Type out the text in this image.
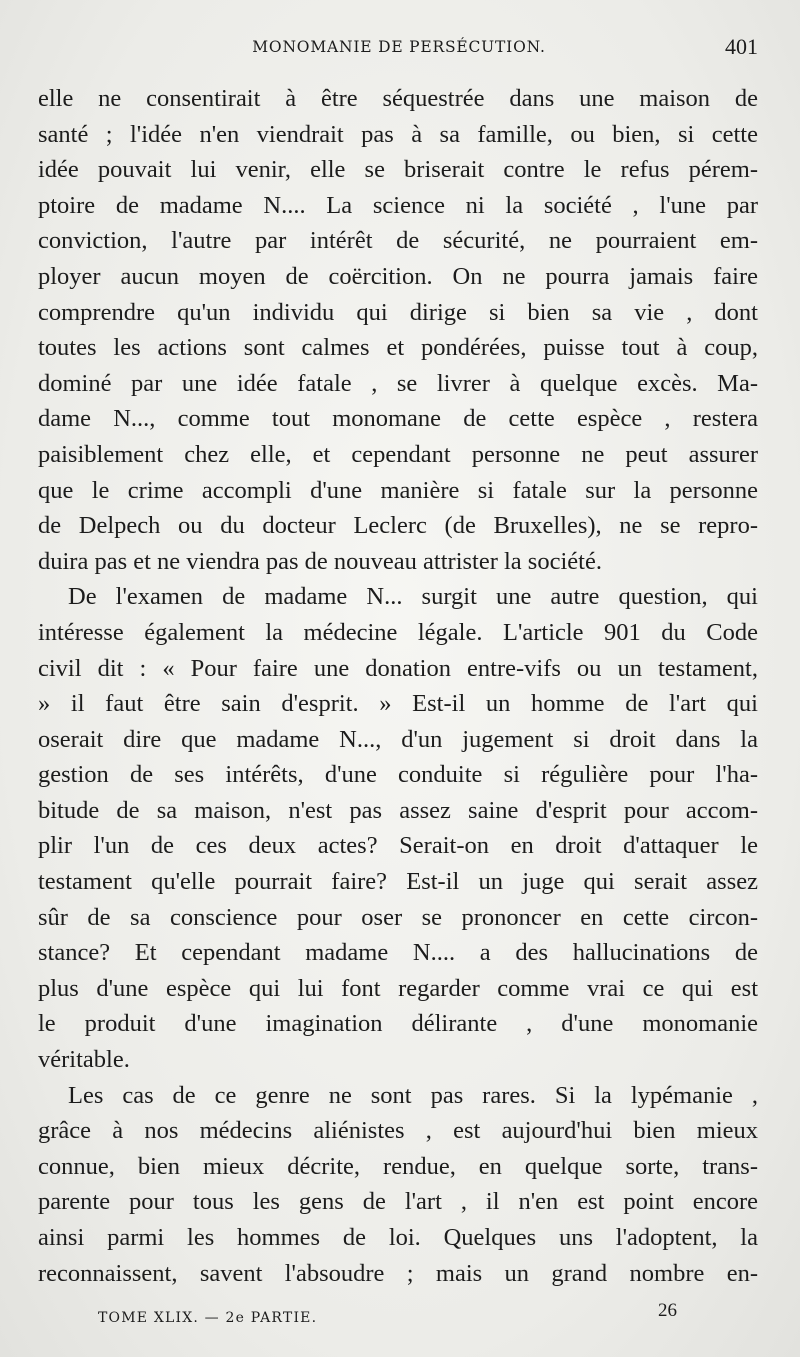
MONOMANIE DE PERSÉCUTION.	401
elle ne consentirait à être séquestrée dans une maison de
santé ; l'idée n'en viendrait pas à sa famille, ou bien, si cette
idée pouvait lui venir, elle se briserait contre le refus pérem-
ptoire de madame N.... La science ni la société , l'une par
conviction, l'autre par intérêt de sécurité, ne pourraient em-
ployer aucun moyen de coërcition. On ne pourra jamais faire
comprendre qu'un individu qui dirige si bien sa vie , dont
toutes les actions sont calmes et pondérées, puisse tout à coup,
dominé par une idée fatale , se livrer à quelque excès. Ma-
dame N..., comme tout monomane de cette espèce , restera
paisiblement chez elle, et cependant personne ne peut assurer
que le crime accompli d'une manière si fatale sur la personne
de Delpech ou du docteur Leclerc (de Bruxelles), ne se repro-
duira pas et ne viendra pas de nouveau attrister la société.
De l'examen de madame N... surgit une autre question, qui
intéresse également la médecine légale. L'article 901 du Code
civil dit : « Pour faire une donation entre-vifs ou un testament,
» il faut être sain d'esprit. » Est-il un homme de l'art qui
oserait dire que madame N..., d'un jugement si droit dans la
gestion de ses intérêts, d'une conduite si régulière pour l'ha-
bitude de sa maison, n'est pas assez saine d'esprit pour accom-
plir l'un de ces deux actes? Serait-on en droit d'attaquer le
testament qu'elle pourrait faire? Est-il un juge qui serait assez
sûr de sa conscience pour oser se prononcer en cette circon-
stance? Et cependant madame N.... a des hallucinations de
plus d'une espèce qui lui font regarder comme vrai ce qui est
le produit d'une imagination délirante , d'une monomanie
véritable.
Les cas de ce genre ne sont pas rares. Si la lypémanie ,
grâce à nos médecins aliénistes , est aujourd'hui bien mieux
connue, bien mieux décrite, rendue, en quelque sorte, trans-
parente pour tous les gens de l'art , il n'en est point encore
ainsi parmi les hommes de loi. Quelques uns l'adoptent, la
reconnaissent, savent l'absoudre ; mais un grand nombre en-
TOME XLIX. — 2e PARTIE.	26
